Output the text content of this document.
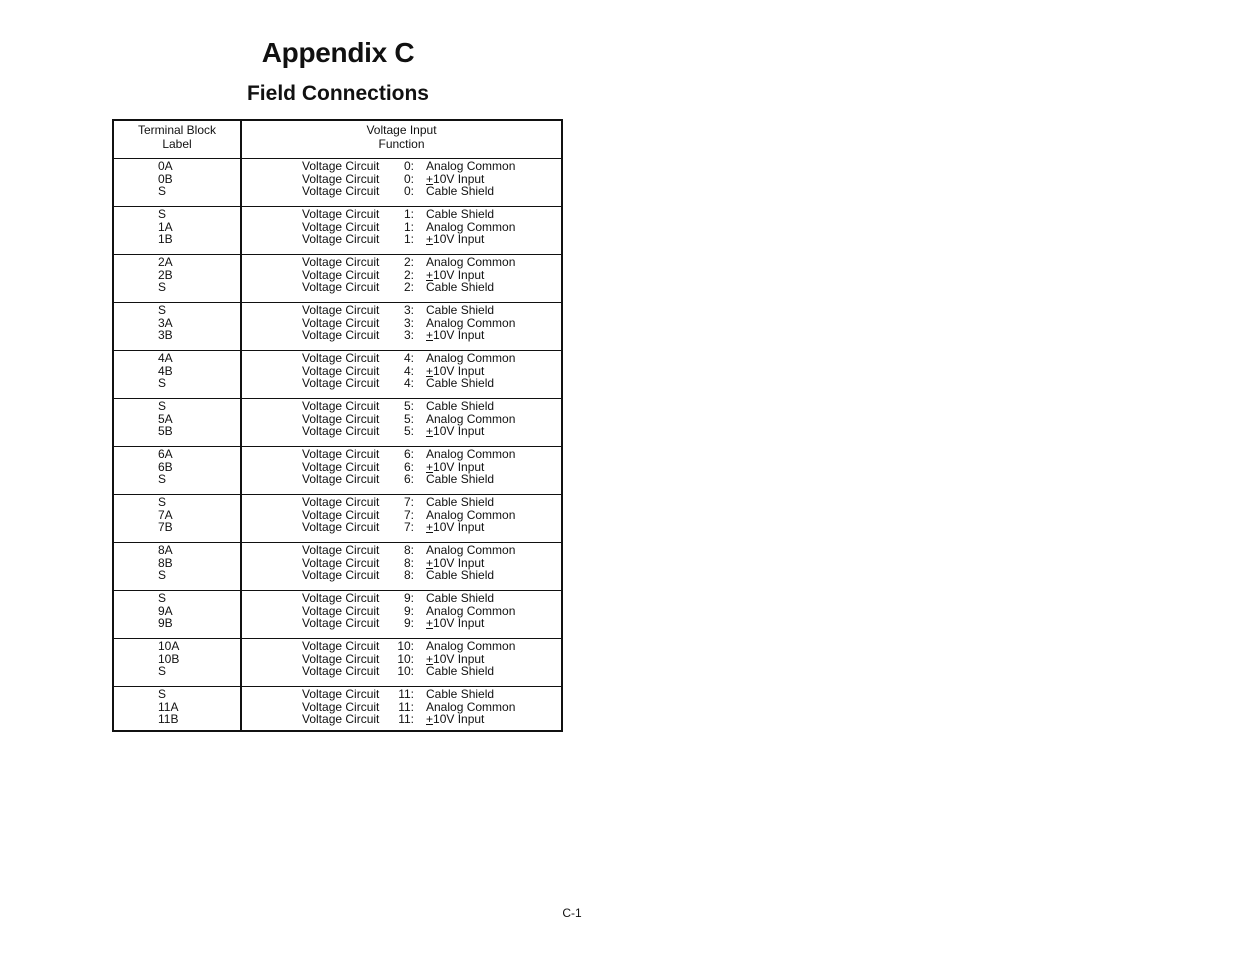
Appendix C
Field Connections
Terminal Block
Label
Voltage Input
Function
0A
0B
S
Voltage Circuit 0: Analog Common
Voltage Circuit 0: +10V Input
Voltage Circuit 0: Cable Shield
S
1A
1B
Voltage Circuit 1: Cable Shield
Voltage Circuit 1: Analog Common
Voltage Circuit 1: +10V Input
2A
2B
S
Voltage Circuit 2: Analog Common
Voltage Circuit 2: +10V Input
Voltage Circuit 2: Cable Shield
S
3A
3B
Voltage Circuit 3: Cable Shield
Voltage Circuit 3: Analog Common
Voltage Circuit 3: +10V Input
4A
4B
S
Voltage Circuit 4: Analog Common
Voltage Circuit 4: +10V Input
Voltage Circuit 4: Cable Shield
S
5A
5B
Voltage Circuit 5: Cable Shield
Voltage Circuit 5: Analog Common
Voltage Circuit 5: +10V Input
6A
6B
S
Voltage Circuit 6: Analog Common
Voltage Circuit 6: +10V Input
Voltage Circuit 6: Cable Shield
S
7A
7B
Voltage Circuit 7: Cable Shield
Voltage Circuit 7: Analog Common
Voltage Circuit 7: +10V Input
8A
8B
S
Voltage Circuit 8: Analog Common
Voltage Circuit 8: +10V Input
Voltage Circuit 8: Cable Shield
S
9A
9B
Voltage Circuit 9: Cable Shield
Voltage Circuit 9: Analog Common
Voltage Circuit 9: +10V Input
10A
10B
S
Voltage Circuit 10: Analog Common
Voltage Circuit 10: +10V Input
Voltage Circuit 10: Cable Shield
S
11A
11B
Voltage Circuit 11: Cable Shield
Voltage Circuit 11: Analog Common
Voltage Circuit 11: +10V Input
C-1
